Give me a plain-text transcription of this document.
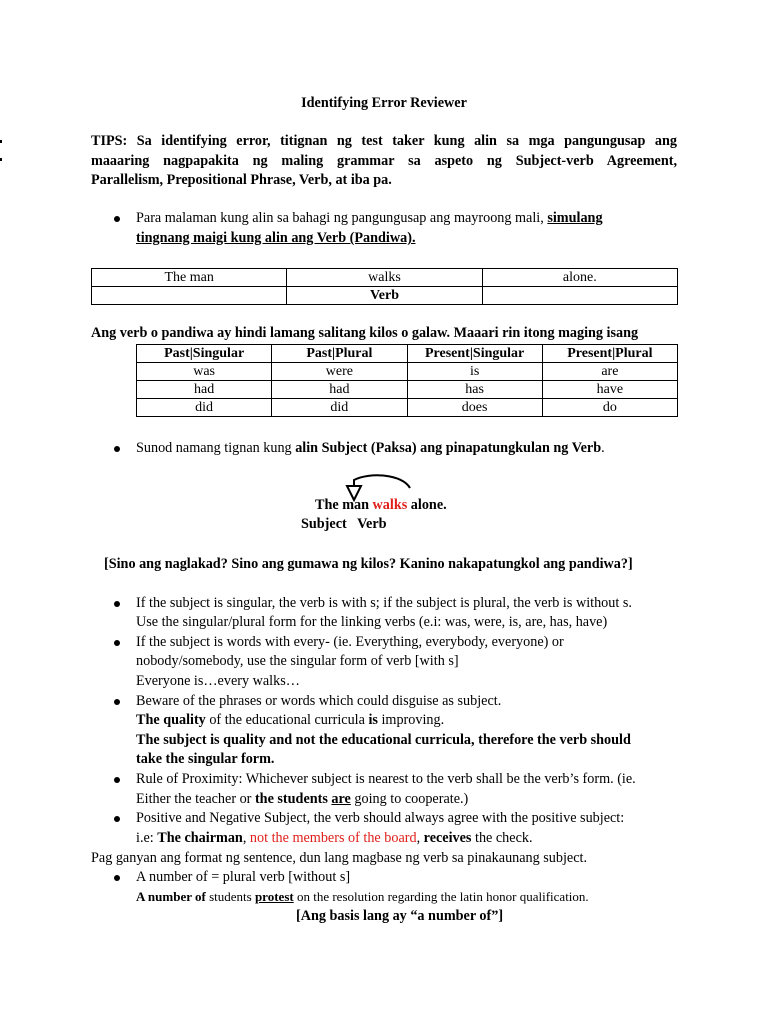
Identifying Error Reviewer
TIPS: Sa identifying error, titignan ng test taker kung alin sa mga pangungusap ang
maaaring nagpapakita ng maling grammar sa aspeto ng Subject-verb Agreement,
Parallelism, Prepositional Phrase, Verb, at iba pa.
Para malaman kung alin sa bahagi ng pangungusap ang mayroong mali, simulang
tingnang maigi kung alin ang Verb (Pandiwa).
The man	walks	alone.
	Verb	
Ang verb o pandiwa ay hindi lamang salitang kilos o galaw. Maaari rin itong maging isang
Past|Singular	Past|Plural	Present|Singular	Present|Plural
was	were	is	are
had	had	has	have
did	did	does	do
Sunod namang tignan kung alin Subject (Paksa) ang pinapatungkulan ng Verb.
The man walks alone.
Subject Verb
[Sino ang naglakad? Sino ang gumawa ng kilos? Kanino nakapatungkol ang pandiwa?]
If the subject is singular, the verb is with s; if the subject is plural, the verb is without s.
Use the singular/plural form for the linking verbs (e.i: was, were, is, are, has, have)
If the subject is words with every- (ie. Everything, everybody, everyone) or
nobody/somebody, use the singular form of verb [with s]
Everyone is…every walks…
Beware of the phrases or words which could disguise as subject.
The quality of the educational curricula is improving.
The subject is quality and not the educational curricula, therefore the verb should
take the singular form.
Rule of Proximity: Whichever subject is nearest to the verb shall be the verb’s form. (ie.
Either the teacher or the students are going to cooperate.)
Positive and Negative Subject, the verb should always agree with the positive subject:
i.e: The chairman, not the members of the board, receives the check.
Pag ganyan ang format ng sentence, dun lang magbase ng verb sa pinakaunang subject.
A number of = plural verb [without s]
A number of students protest on the resolution regarding the latin honor qualification.
[Ang basis lang ay “a number of”]
